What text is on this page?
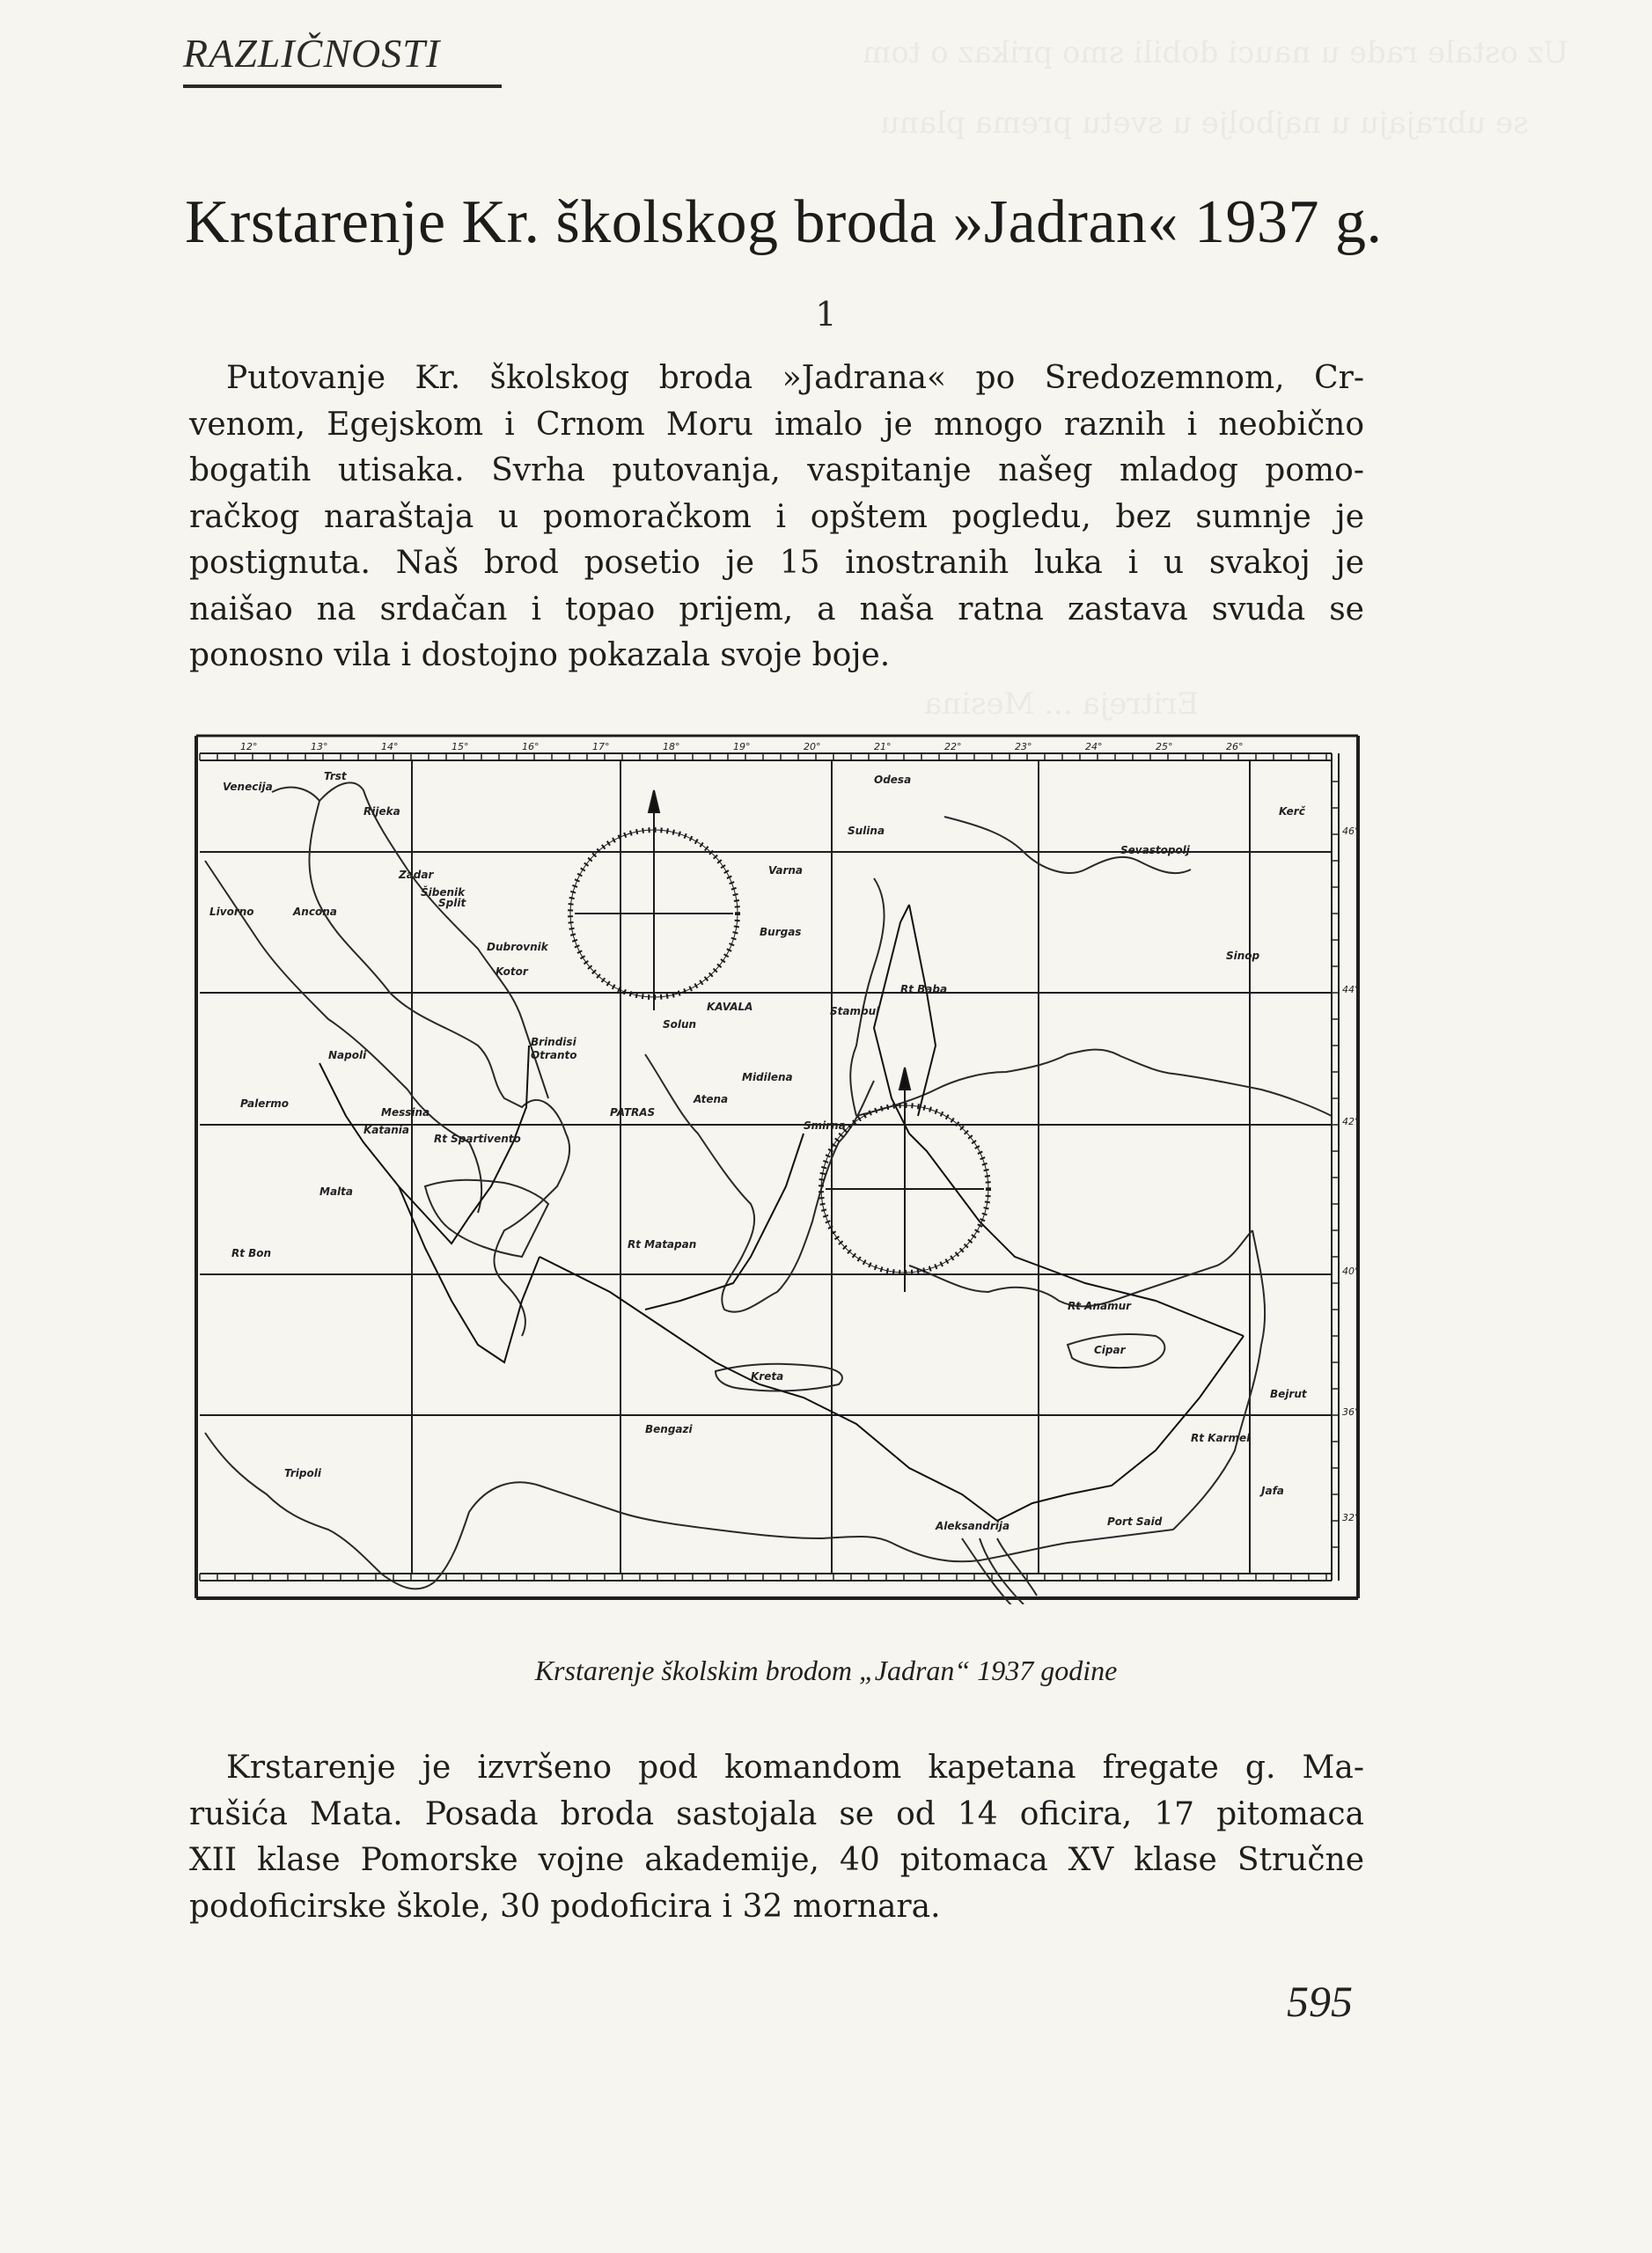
RAZLIČNOSTI
Krstarenje Kr. školskog broda »Jadran« 1937 g.
1
Putovanje Kr. školskog broda »Jadrana« po Sredozemnom, Cr-
venom, Egejskom i Crnom Moru imalo je mnogo raznih i neobično
bogatih utisaka. Svrha putovanja, vaspitanje našeg mladog pomo-
račkog naraštaja u pomoračkom i opštem pogledu, bez sumnje je
postignuta. Naš brod posetio je 15 inostranih luka i u svakoj je
naišao na srdačan i topao prijem, a naša ratna zastava svuda se
ponosno vila i dostojno pokazala svoje boje.
12°	13°	14°	15°	16°	17°	18°	19°	20°	21°	22°	23°	24°	25°	26°
46°
44°
42°
40°
36°
32°
Venecija
Trst
Rijeka
Zadar
Šibenik
Split
Dubrovnik
Kotor
Ancona
Livorno
Napoli
Brindisi
Otranto
Messina
Palermo
Katania
Malta
PATRAS
Atena
Solun
KAVALA
Smirna
Midilena
Stambul
Burgas
Varna
Odesa
Sulina
Sevastopolj
Kerč
Sinop
Kreta
Cipar
Bejrut
Jafa
Port Said
Aleksandrija
Tripoli
Bengazi
Rt Matapan
Rt Spartivento
Rt Bon
Rt Baba
Rt Anamur
Rt Karmel
Krstarenje školskim brodom „Jadran“ 1937 godine
Krstarenje je izvršeno pod komandom kapetana fregate g. Ma-
rušića Mata. Posada broda sastojala se od 14 oficira, 17 pitomaca
XII klase Pomorske vojne akademije, 40 pitomaca XV klase Stručne
podoficirske škole, 30 podoficira i 32 mornara.
595
